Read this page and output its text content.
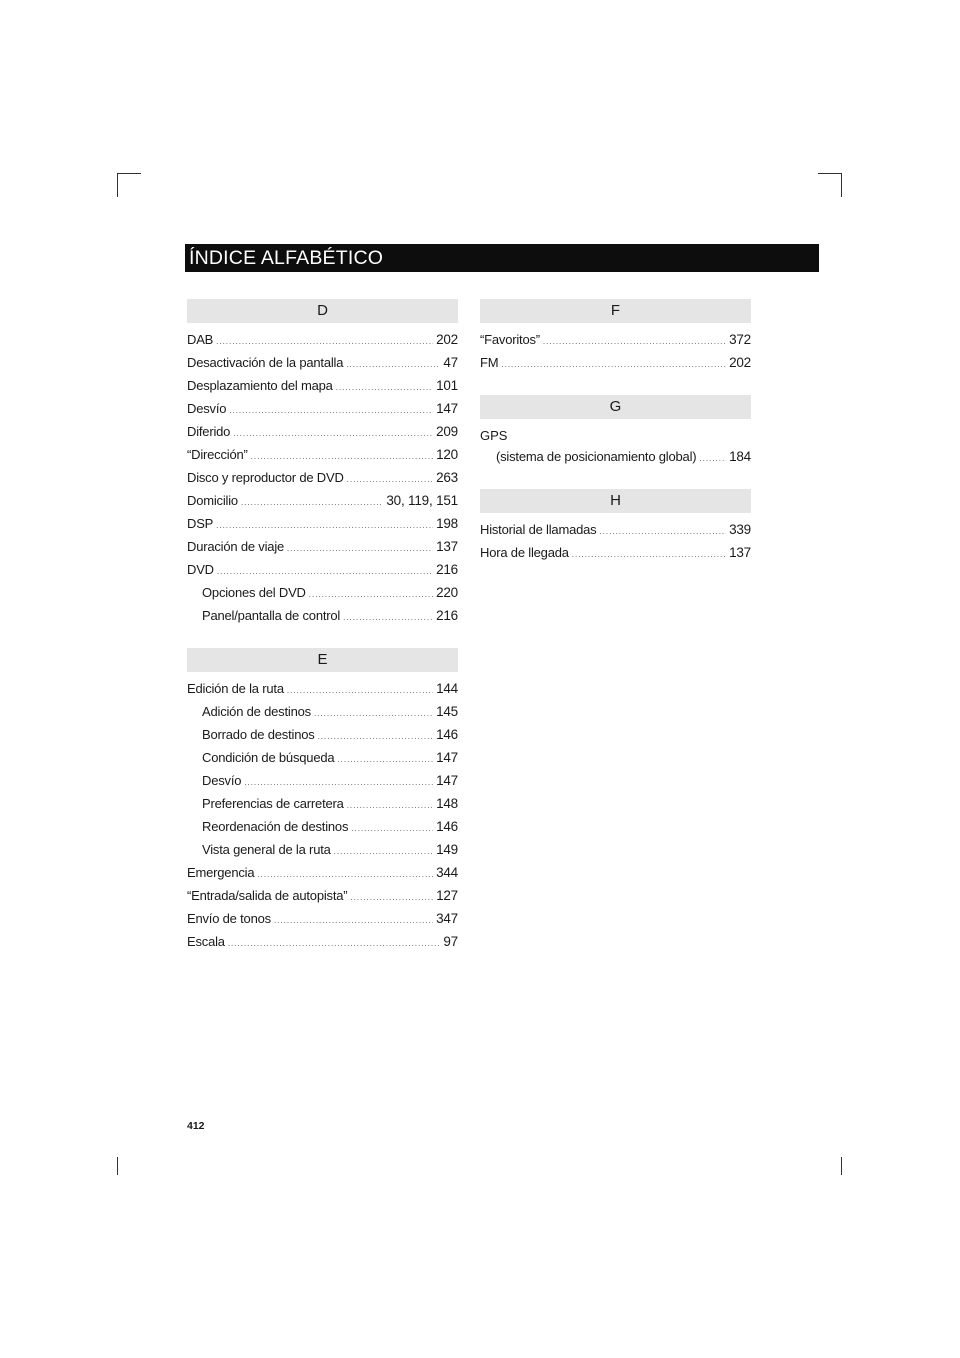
ÍNDICE ALFABÉTICO
D
DAB .....	202
Desactivación de la pantalla .....	47
Desplazamiento del mapa .....	101
Desvío .....	147
Diferido .....	209
“Dirección” .....	120
Disco y reproductor de DVD .....	263
Domicilio .....	30, 119, 151
DSP .....	198
Duración de viaje .....	137
DVD .....	216
Opciones del DVD .....	220
Panel/pantalla de control .....	216
E
Edición de la ruta .....	144
Adición de destinos .....	145
Borrado de destinos .....	146
Condición de búsqueda .....	147
Desvío .....	147
Preferencias de carretera .....	148
Reordenación de destinos .....	146
Vista general de la ruta .....	149
Emergencia .....	344
“Entrada/salida de autopista” .....	127
Envío de tonos .....	347
Escala .....	97
F
“Favoritos” .....	372
FM .....	202
G
GPS
(sistema de posicionamiento global) ..... 184
H
Historial de llamadas .....	339
Hora de llegada .....	137
412
